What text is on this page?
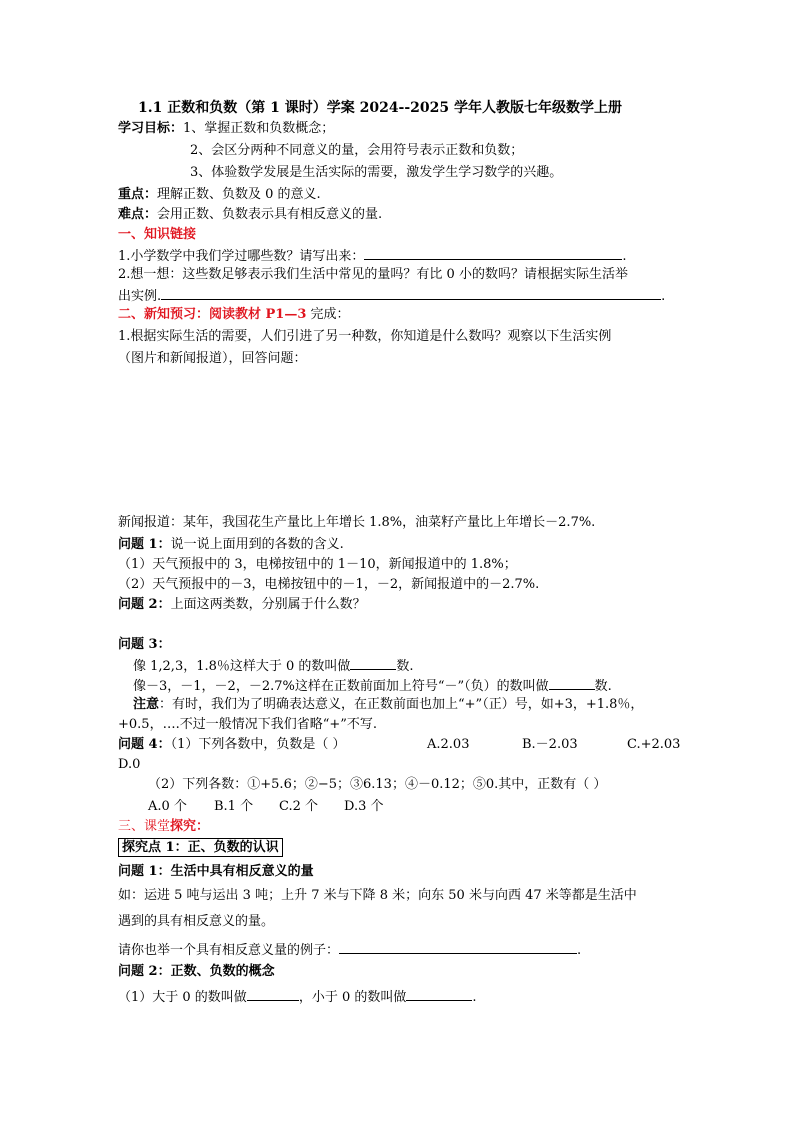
1.1 正数和负数（第 1 课时）学案 2024--2025 学年人教版七年级数学上册
学习目标：1、掌握正数和负数概念；
2、会区分两种不同意义的量，会用符号表示正数和负数；
3、体验数学发展是生活实际的需要，激发学生学习数学的兴趣。
重点：理解正数、负数及 0 的意义.
难点：会用正数、负数表示具有相反意义的量.
一、知识链接
1.小学数学中我们学过哪些数？请写出来：	.
2.想一想：这些数足够表示我们生活中常见的量吗？有比 0 小的数吗？请根据实际生活举
出实例.	.
二、新知预习：阅读教材 P1—3 完成：
1.根据实际生活的需要，人们引进了另一种数，你知道是什么数吗？观察以下生活实例
（图片和新闻报道），回答问题：
新闻报道：某年，我国花生产量比上年增长 1.8%，油菜籽产量比上年增长－2.7%.
问题 1：说一说上面用到的各数的含义.
（1）天气预报中的 3，电梯按钮中的 1－10，新闻报道中的 1.8%；
（2）天气预报中的－3，电梯按钮中的－1，－2，新闻报道中的－2.7%.
问题 2：上面这两类数，分别属于什么数？
问题 3：
像 1,2,3，1.8％这样大于 0 的数叫做	数.
像－3，－1，－2，－2.7%这样在正数前面加上符号“－”（负）的数叫做	数.
注意：有时，我们为了明确表达意义，在正数前面也加上“+”（正）号，如+3，+1.8％，
+0.5，….不过一般情况下我们省略“+”不写.
问题 4：（1）下列各数中，负数是（ ）	A.2.03	B.－2.03	C.+2.03
D.0
（2）下列各数：①+5.6；②−5；③6.13；④－0.12；⑤0.其中，正数有（ ）
A.0 个 B.1 个 C.2 个 D.3 个
三、课堂探究：
探究点 1：正、负数的认识
问题 1：生活中具有相反意义的量
如：运进 5 吨与运出 3 吨；上升 7 米与下降 8 米；向东 50 米与向西 47 米等都是生活中
遇到的具有相反意义的量。
请你也举一个具有相反意义量的例子：	.
问题 2：正数、负数的概念
（1）大于 0 的数叫做	，小于 0 的数叫做	.
